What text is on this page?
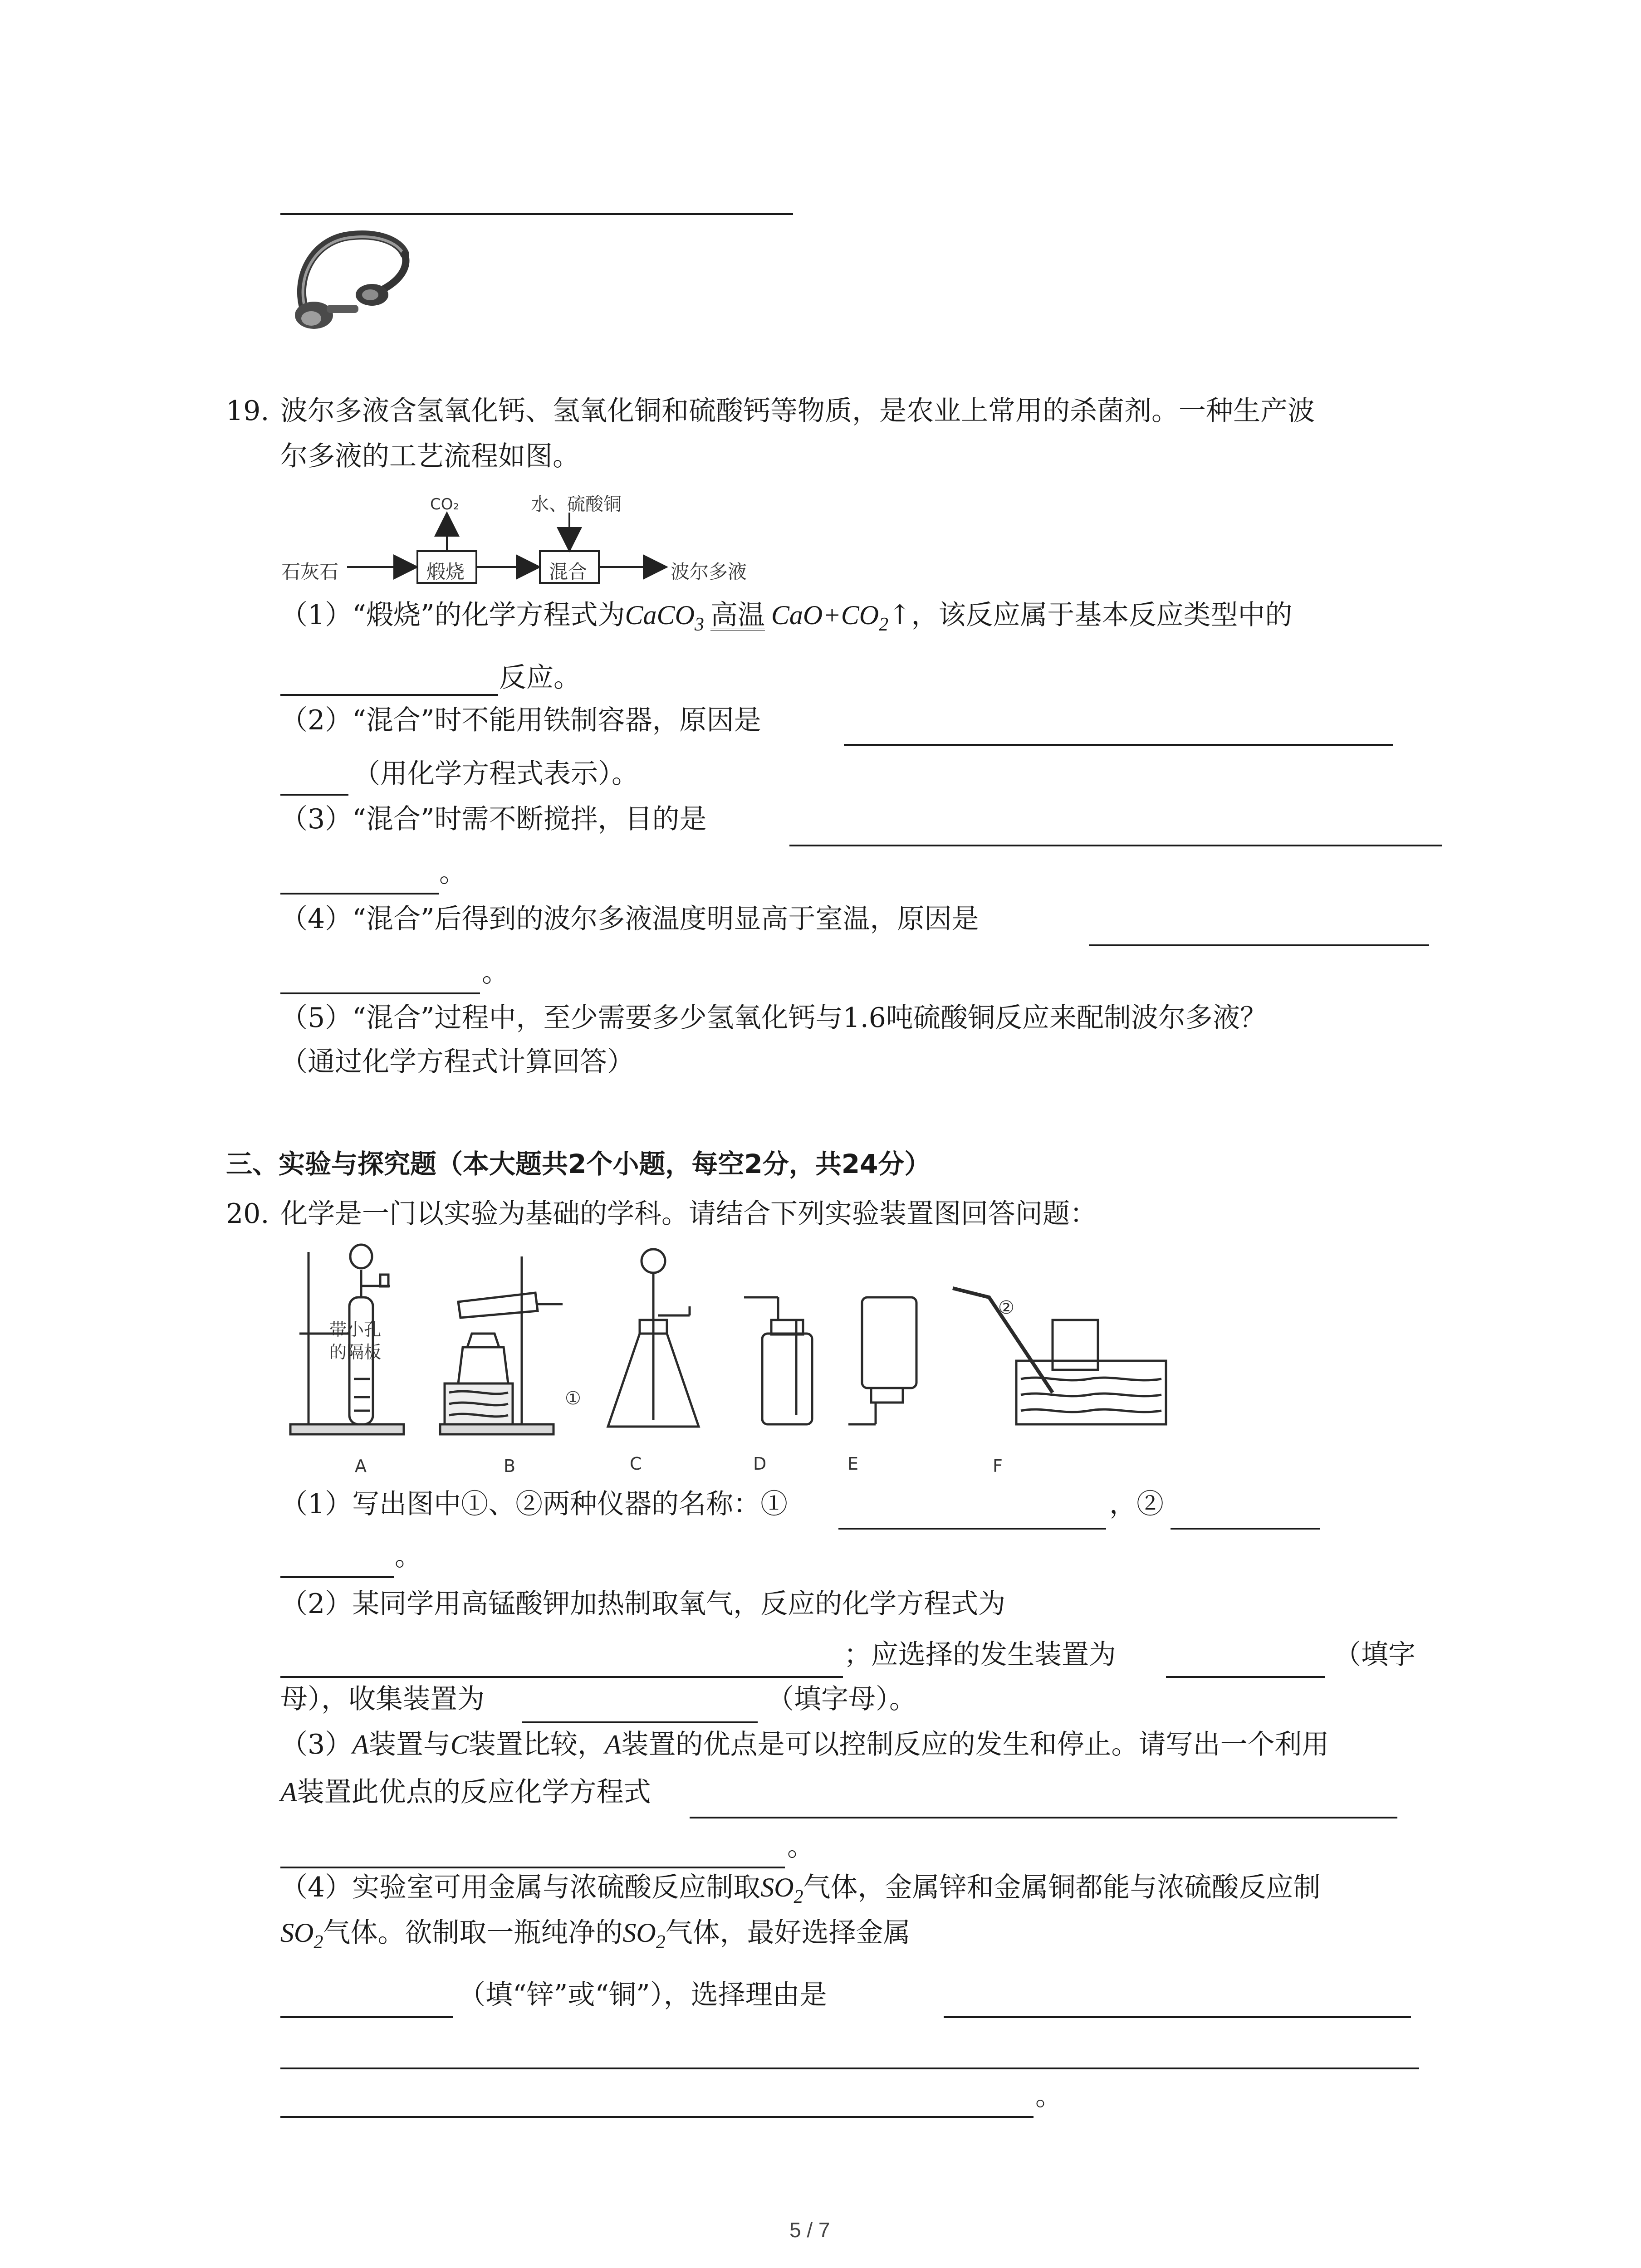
19. 波尔多液含氢氧化钙、氢氧化铜和硫酸钙等物质，是农业上常用的杀菌剂。一种生产波
尔多液的工艺流程如图。
石灰石	煅烧
CO₂	水、硫酸铜
混合	波尔多液
（1）“煅烧”的化学方程式为CaCO$_3$ 高温 $CaO+CO_2↑$，该反应属于基本反应类型中的
反应。
（2）“混合”时不能用铁制容器，原因是
（用化学方程式表示）。
（3）“混合”时需不断搅拌，目的是
。
（4）“混合”后得到的波尔多液温度明显高于室温，原因是
。
（5）“混合”过程中，至少需要多少氢氧化钙与1.6吨硫酸铜反应来配制波尔多液？
（通过化学方程式计算回答）
三、实验与探究题（本大题共2个小题，每空2分，共24分）
20. 化学是一门以实验为基础的学科。请结合下列实验装置图回答问题：
带小孔
的隔板
①
②
A	B	C	D	E	F
（1）写出图中①、②两种仪器的名称：①	，②
。
（2）某同学用高锰酸钾加热制取氧气，反应的化学方程式为
；应选择的发生装置为	（填字
母），收集装置为	（填字母）。
（3）A装置与C装置比较，A装置的优点是可以控制反应的发生和停止。请写出一个利用
A装置此优点的反应化学方程式
。
（4）实验室可用金属与浓硫酸反应制取$SO_2$气体，金属锌和金属铜都能与浓硫酸反应制
$SO_2$气体。欲制取一瓶纯净的$SO_2$气体，最好选择金属
（填“锌”或“铜”），选择理由是
。
5 / 7
